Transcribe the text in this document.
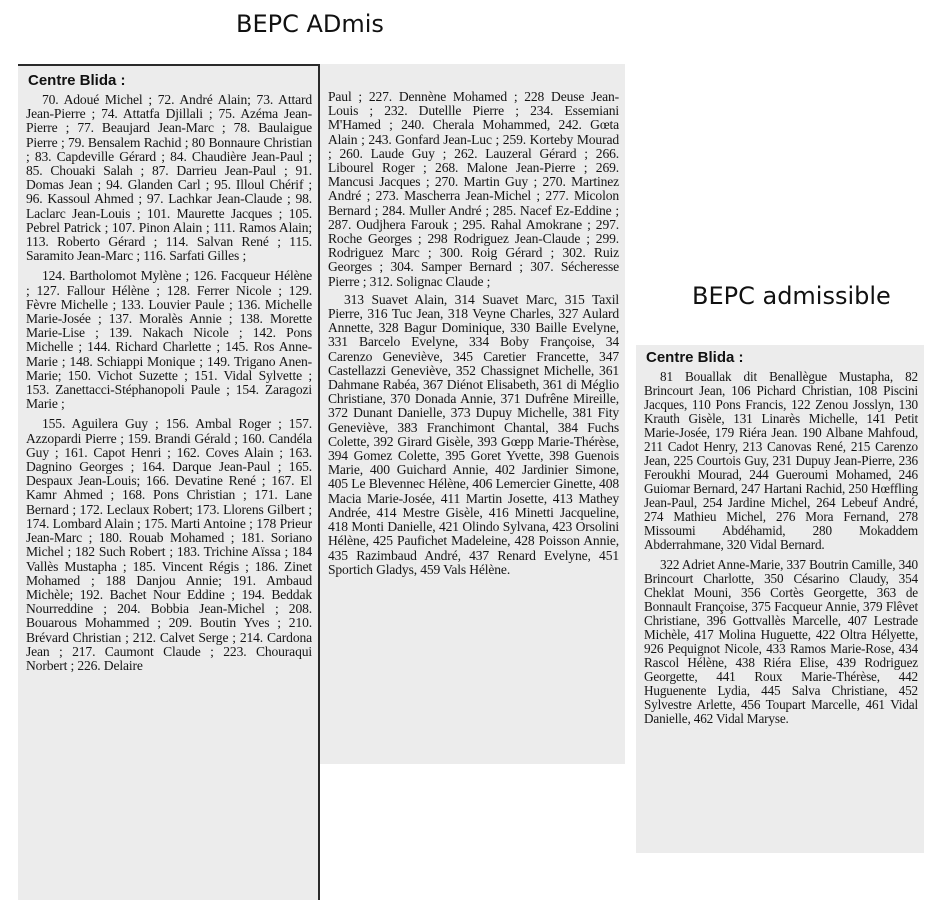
BEPC ADmis
BEPC admissible
Centre Blida :

70. Adoué Michel ; 72. André Alain; 73. Attard Jean-Pierre ; 74. Attatfa Djillali ; 75. Azéma Jean-Pierre ; 77. Beaujard Jean-Marc ; 78. Baulaigue Pierre ; 79. Bensalem Rachid ; 80 Bonnaure Christian ; 83. Capdeville Gérard ; 84. Chaudière Jean-Paul ; 85. Chouaki Salah ; 87. Darrieu Jean-Paul ; 91. Domas Jean ; 94. Glanden Carl ; 95. Illoul Chérif ; 96. Kassoul Ahmed ; 97. Lachkar Jean-Claude ; 98. Laclarc Jean-Louis ; 101. Maurette Jacques ; 105. Pebrel Patrick ; 107. Pinon Alain ; 111. Ramos Alain; 113. Roberto Gérard ; 114. Salvan René ; 115. Saramito Jean-Marc ; 116. Sarfati Gilles ;

124. Bartholomot Mylène ; 126. Facqueur Hélène ; 127. Fallour Hélène ; 128. Ferrer Nicole ; 129. Fèvre Michelle ; 133. Louvier Paule ; 136. Michelle Marie-Josée ; 137. Moralès Annie ; 138. Morette Marie-Lise ; 139. Nakach Nicole ; 142. Pons Michelle ; 144. Richard Charlette ; 145. Ros Anne-Marie ; 148. Schiappi Monique ; 149. Trigano Anen-Marie; 150. Vichot Suzette ; 151. Vidal Sylvette ; 153. Zanettacci-Stéphanopoli Paule ; 154. Zaragozi Marie ;

155. Aguilera Guy ; 156. Ambal Roger ; 157. Azzopardi Pierre ; 159. Brandi Gérald ; 160. Candéla Guy ; 161. Capot Henri ; 162. Coves Alain ; 163. Dagnino Georges ; 164. Darque Jean-Paul ; 165. Despaux Jean-Louis; 166. Devatine René ; 167. El Kamr Ahmed ; 168. Pons Christian ; 171. Lane Bernard ; 172. Leclaux Robert; 173. Llorens Gilbert ; 174. Lombard Alain ; 175. Marti Antoine ; 178 Prieur Jean-Marc ; 180. Rouab Mohamed ; 181. Soriano Michel ; 182 Such Robert ; 183. Trichine Aïssa ; 184 Vallès Mustapha ; 185. Vincent Régis ; 186. Zinet Mohamed ; 188 Danjou Annie; 191. Ambaud Michèle; 192. Bachet Nour Eddine ; 194. Beddak Nourreddine ; 204. Bobbia Jean-Michel ; 208. Bouarous Mohammed ; 209. Boutin Yves ; 210. Brévard Christian ; 212. Calvet Serge ; 214. Cardona Jean ; 217. Caumont Claude ; 223. Chouraqui Norbert ; 226. Delaire

Paul ; 227. Dennène Mohamed ; 228 Deuse Jean-Louis ; 232. Dutellle Pierre ; 234. Essemiani M'Hamed ; 240. Cherala Mohammed, 242. Gœta Alain ; 243. Gonfard Jean-Luc ; 259. Korteby Mourad ; 260. Laude Guy ; 262. Lauzeral Gérard ; 266. Libourel Roger ; 268. Malone Jean-Pierre ; 269. Mancusi Jacques ; 270. Martin Guy ; 270. Martinez André ; 273. Mascherra Jean-Michel ; 277. Micolon Bernard ; 284. Muller André ; 285. Nacef Ez-Eddine ; 287. Oudjhera Farouk ; 295. Rahal Amokrane ; 297. Roche Georges ; 298 Rodriguez Jean-Claude ; 299. Rodriguez Marc ; 300. Roig Gérard ; 302. Ruiz Georges ; 304. Samper Bernard ; 307. Sécheresse Pierre ; 312. Solignac Claude ;

313 Suavet Alain, 314 Suavet Marc, 315 Taxil Pierre, 316 Tuc Jean, 318 Veyne Charles, 327 Aulard Annette, 328 Bagur Dominique, 330 Baille Evelyne, 331 Barcelo Evelyne, 334 Boby Françoise, 34 Carenzo Geneviève, 345 Caretier Francette, 347 Castellazzi Geneviève, 352 Chassignet Michelle, 361 Dahmane Rabéa, 367 Diénot Elisabeth, 361 di Méglio Christiane, 370 Donada Annie, 371 Dufrêne Mireille, 372 Dunant Danielle, 373 Dupuy Michelle, 381 Fity Geneviève, 383 Franchimont Chantal, 384 Fuchs Colette, 392 Girard Gisèle, 393 Gœpp Marie-Thérèse, 394 Gomez Colette, 395 Goret Yvette, 398 Guenois Marie, 400 Guichard Annie, 402 Jardinier Simone, 405 Le Blevennec Hélène, 406 Lemercier Ginette, 408 Macia Marie-Josée, 411 Martin Josette, 413 Mathey Andrée, 414 Mestre Gisèle, 416 Minetti Jacqueline, 418 Monti Danielle, 421 Olindo Sylvana, 423 Orsolini Hélène, 425 Paufichet Madeleine, 428 Poisson Annie, 435 Razimbaud André, 437 Renard Evelyne, 451 Sportich Gladys, 459 Vals Hélène.

Centre Blida :

81 Bouallak dit Benallègue Mustapha, 82 Brincourt Jean, 106 Pichard Christian, 108 Piscini Jacques, 110 Pons Francis, 122 Zenou Josslyn, 130 Krauth Gisèle, 131 Linarès Michelle, 141 Petit Marie-Josée, 179 Riéra Jean. 190 Albane Mahfoud, 211 Cadot Henry, 213 Canovas René, 215 Carenzo Jean, 225 Courtois Guy, 231 Dupuy Jean-Pierre, 236 Feroukhi Mourad, 244 Gueroumi Mohamed, 246 Guiomar Bernard, 247 Hartani Rachid, 250 Hœffling Jean-Paul, 254 Jardine Michel, 264 Lebeuf André, 274 Mathieu Michel, 276 Mora Fernand, 278 Missoumi Abdéhamid, 280 Mokaddem Abderrahmane, 320 Vidal Bernard.

322 Adriet Anne-Marie, 337 Boutrin Camille, 340 Brincourt Charlotte, 350 Césarino Claudy, 354 Cheklat Mouni, 356 Cortès Georgette, 363 de Bonnault Françoise, 375 Facqueur Annie, 379 Flêvet Christiane, 396 Gottvallès Marcelle, 407 Lestrade Michèle, 417 Molina Huguette, 422 Oltra Hélyette, 926 Pequignot Nicole, 433 Ramos Marie-Rose, 434 Rascol Hélène, 438 Riéra Elise, 439 Rodriguez Georgette, 441 Roux Marie-Thérèse, 442 Huguenente Lydia, 445 Salva Christiane, 452 Sylvestre Arlette, 456 Toupart Marcelle, 461 Vidal Danielle, 462 Vidal Maryse.
